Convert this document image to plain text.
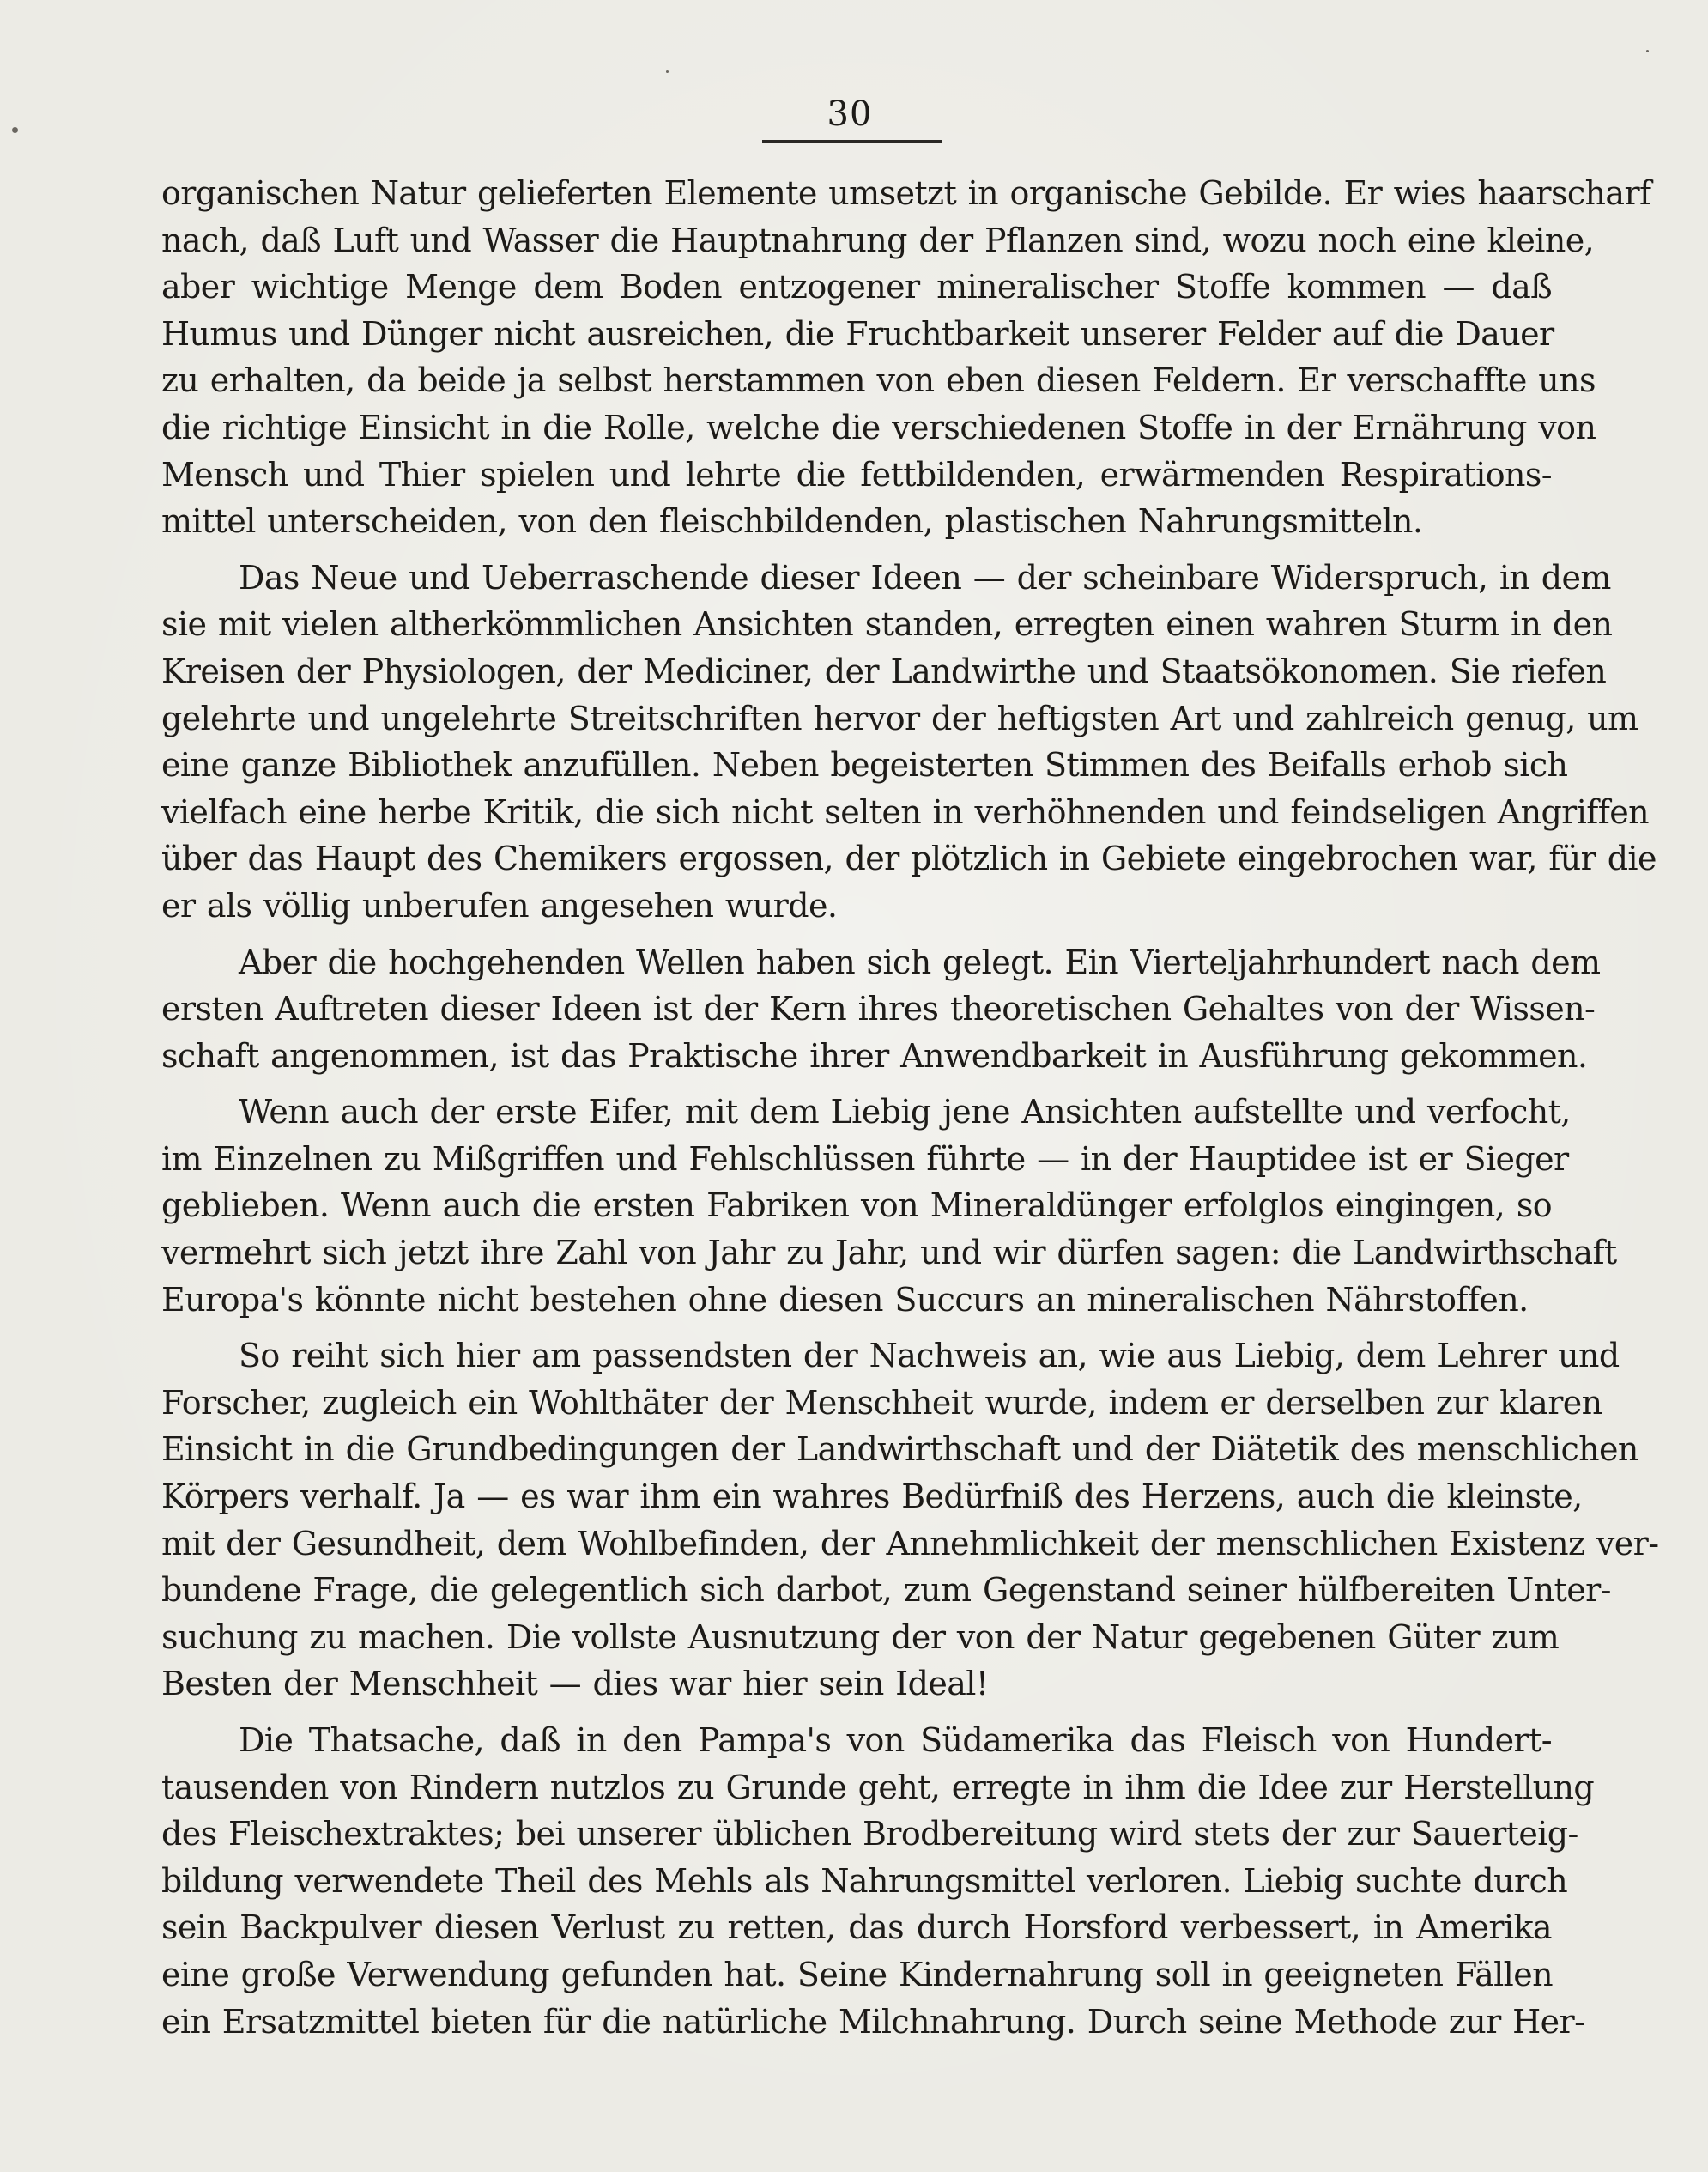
30
organischen Natur gelieferten Elemente umsetzt in organische Gebilde. Er wies haarscharf
nach, daß Luft und Wasser die Hauptnahrung der Pflanzen sind, wozu noch eine kleine,
aber wichtige Menge dem Boden entzogener mineralischer Stoffe kommen — daß
Humus und Dünger nicht ausreichen, die Fruchtbarkeit unserer Felder auf die Dauer
zu erhalten, da beide ja selbst herstammen von eben diesen Feldern. Er verschaffte uns
die richtige Einsicht in die Rolle, welche die verschiedenen Stoffe in der Ernährung von
Mensch und Thier spielen und lehrte die fettbildenden, erwärmenden Respirations-
mittel unterscheiden, von den fleischbildenden, plastischen Nahrungsmitteln.
Das Neue und Ueberraschende dieser Ideen — der scheinbare Widerspruch, in dem
sie mit vielen altherkömmlichen Ansichten standen, erregten einen wahren Sturm in den
Kreisen der Physiologen, der Mediciner, der Landwirthe und Staatsökonomen. Sie riefen
gelehrte und ungelehrte Streitschriften hervor der heftigsten Art und zahlreich genug, um
eine ganze Bibliothek anzufüllen. Neben begeisterten Stimmen des Beifalls erhob sich
vielfach eine herbe Kritik, die sich nicht selten in verhöhnenden und feindseligen Angriffen
über das Haupt des Chemikers ergossen, der plötzlich in Gebiete eingebrochen war, für die
er als völlig unberufen angesehen wurde.
Aber die hochgehenden Wellen haben sich gelegt. Ein Vierteljahrhundert nach dem
ersten Auftreten dieser Ideen ist der Kern ihres theoretischen Gehaltes von der Wissen-
schaft angenommen, ist das Praktische ihrer Anwendbarkeit in Ausführung gekommen.
Wenn auch der erste Eifer, mit dem Liebig jene Ansichten aufstellte und verfocht,
im Einzelnen zu Mißgriffen und Fehlschlüssen führte — in der Hauptidee ist er Sieger
geblieben. Wenn auch die ersten Fabriken von Mineraldünger erfolglos eingingen, so
vermehrt sich jetzt ihre Zahl von Jahr zu Jahr, und wir dürfen sagen: die Landwirthschaft
Europa's könnte nicht bestehen ohne diesen Succurs an mineralischen Nährstoffen.
So reiht sich hier am passendsten der Nachweis an, wie aus Liebig, dem Lehrer und
Forscher, zugleich ein Wohlthäter der Menschheit wurde, indem er derselben zur klaren
Einsicht in die Grundbedingungen der Landwirthschaft und der Diätetik des menschlichen
Körpers verhalf. Ja — es war ihm ein wahres Bedürfniß des Herzens, auch die kleinste,
mit der Gesundheit, dem Wohlbefinden, der Annehmlichkeit der menschlichen Existenz ver-
bundene Frage, die gelegentlich sich darbot, zum Gegenstand seiner hülfbereiten Unter-
suchung zu machen. Die vollste Ausnutzung der von der Natur gegebenen Güter zum
Besten der Menschheit — dies war hier sein Ideal!
Die Thatsache, daß in den Pampa's von Südamerika das Fleisch von Hundert-
tausenden von Rindern nutzlos zu Grunde geht, erregte in ihm die Idee zur Herstellung
des Fleischextraktes; bei unserer üblichen Brodbereitung wird stets der zur Sauerteig-
bildung verwendete Theil des Mehls als Nahrungsmittel verloren. Liebig suchte durch
sein Backpulver diesen Verlust zu retten, das durch Horsford verbessert, in Amerika
eine große Verwendung gefunden hat. Seine Kindernahrung soll in geeigneten Fällen
ein Ersatzmittel bieten für die natürliche Milchnahrung. Durch seine Methode zur Her-
